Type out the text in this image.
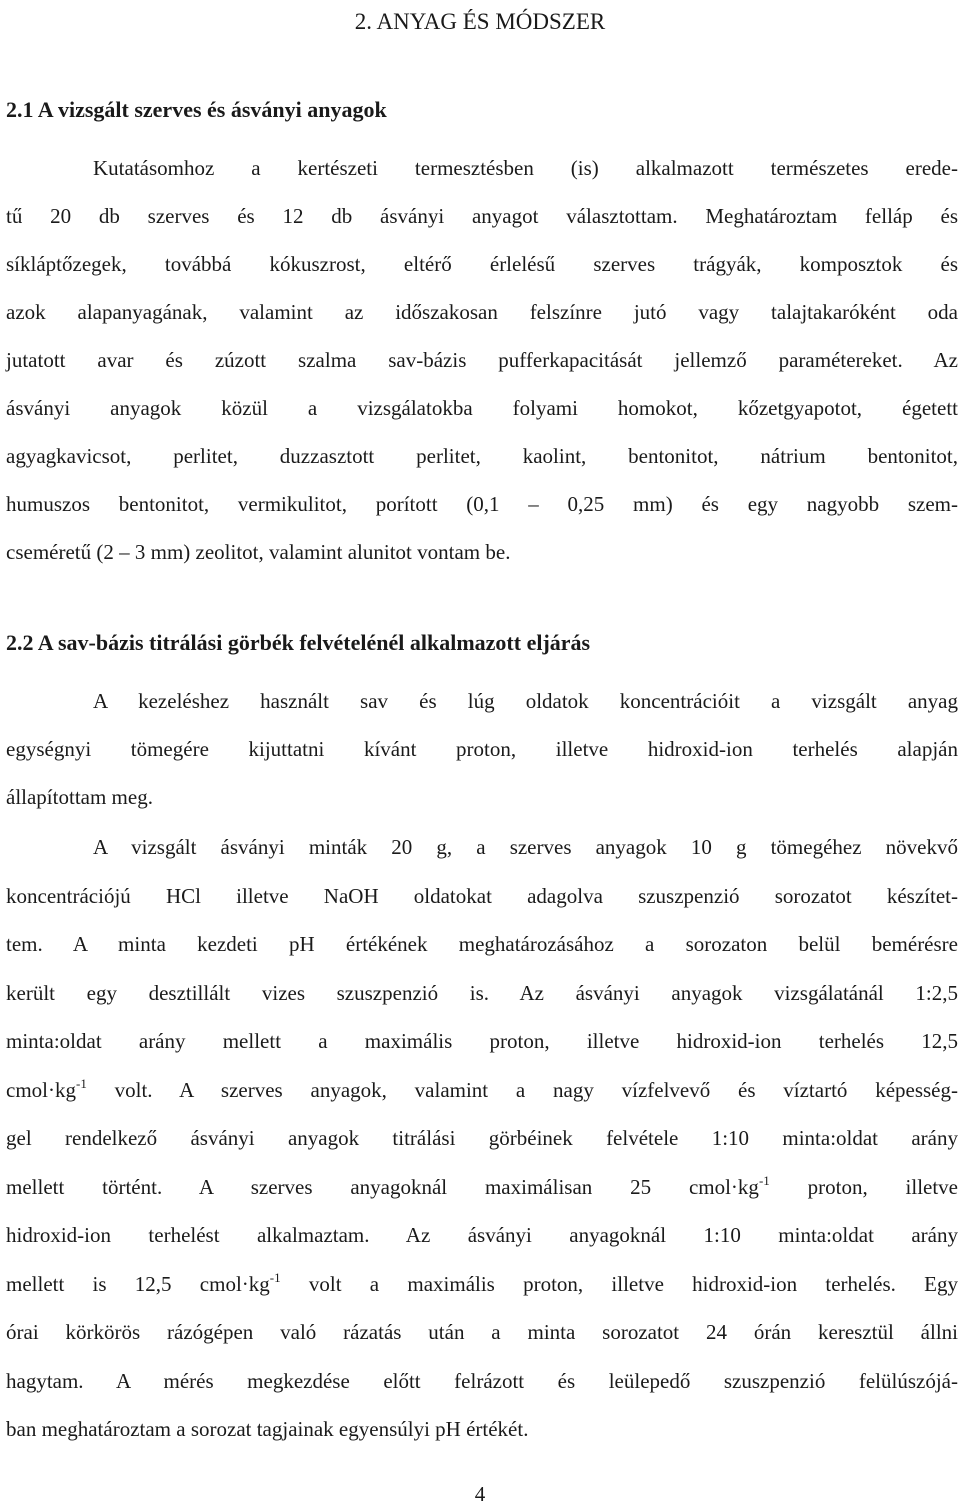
2. ANYAG ÉS MÓDSZER
2.1 A vizsgált szerves és ásványi anyagok
Kutatásomhoz a kertészeti termesztésben (is) alkalmazott természetes erede-
tű 20 db szerves és 12 db ásványi anyagot választottam. Meghatároztam felláp és
síkláptőzegek, továbbá kókuszrost, eltérő érlelésű szerves trágyák, komposztok és
azok alapanyagának, valamint az időszakosan felszínre jutó vagy talajtakaróként oda
jutatott avar és zúzott szalma sav-bázis pufferkapacitását jellemző paramétereket. Az
ásványi anyagok közül a vizsgálatokba folyami homokot, kőzetgyapotot, égetett
agyagkavicsot, perlitet, duzzasztott perlitet, kaolint, bentonitot, nátrium bentonitot,
humuszos bentonitot, vermikulitot, porított (0,1 – 0,25 mm) és egy nagyobb szem-
cseméretű (2 – 3 mm) zeolitot, valamint alunitot vontam be.
2.2 A sav-bázis titrálási görbék felvételénél alkalmazott eljárás
A kezeléshez használt sav és lúg oldatok koncentrációit a vizsgált anyag
egységnyi tömegére kijuttatni kívánt proton, illetve hidroxid-ion terhelés alapján
állapítottam meg.
A vizsgált ásványi minták 20 g, a szerves anyagok 10 g tömegéhez növekvő
koncentrációjú HCl illetve NaOH oldatokat adagolva szuszpenzió sorozatot készítet-
tem. A minta kezdeti pH értékének meghatározásához a sorozaton belül bemérésre
került egy desztillált vizes szuszpenzió is. Az ásványi anyagok vizsgálatánál 1:2,5
minta:oldat arány mellett a maximális proton, illetve hidroxid-ion terhelés 12,5
$cmol\cdot kg^{-1}$ volt. A szerves anyagok, valamint a nagy vízfelvevő és víztartó képesség-
gel rendelkező ásványi anyagok titrálási görbéinek felvétele 1:10 minta:oldat arány
mellett történt. A szerves anyagoknál maximálisan 25 $cmol\cdot kg^{-1}$ proton, illetve
hidroxid-ion terhelést alkalmaztam. Az ásványi anyagoknál 1:10 minta:oldat arány
mellett is 12,5 $cmol\cdot kg^{-1}$ volt a maximális proton, illetve hidroxid-ion terhelés. Egy
órai körkörös rázógépen való rázatás után a minta sorozatot 24 órán keresztül állni
hagytam. A mérés megkezdése előtt felrázott és leülepedő szuszpenzió felülúszójá-
ban meghatároztam a sorozat tagjainak egyensúlyi pH értékét.
4
